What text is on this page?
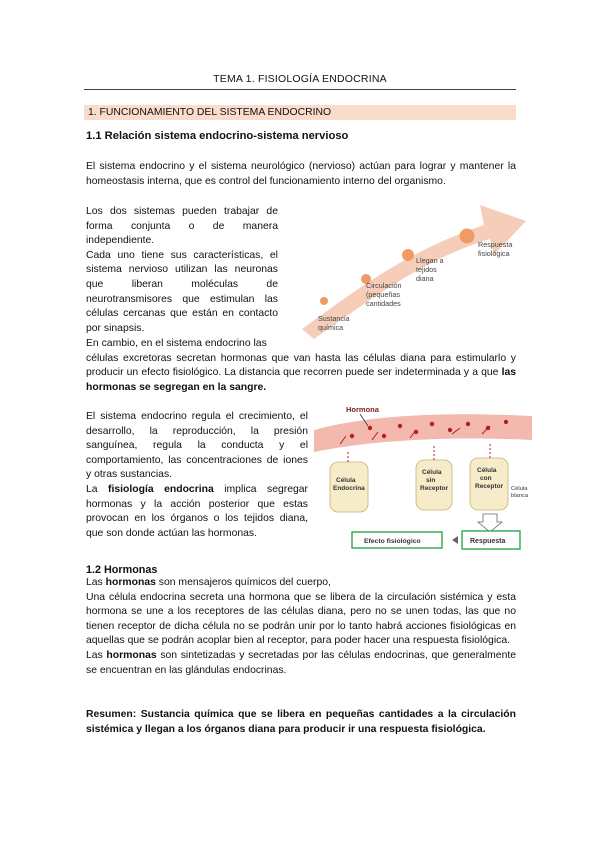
TEMA 1. FISIOLOGÍA ENDOCRINA
1. FUNCIONAMIENTO DEL SISTEMA ENDOCRINO
1.1 Relación sistema endocrino-sistema nervioso

El sistema endocrino y el sistema neurológico (nervioso) actúan para lograr y mantener la homeostasis interna, que es control del funcionamiento interno del organismo.

Los dos sistemas pueden trabajar de forma conjunta o de manera independiente.

Cada uno tiene sus características, el sistema nervioso utilizan las neuronas que liberan moléculas de neurotransmisores que estimulan las células cercanas que están en contacto por sinapsis.

En cambio, en el sistema endocrino las
células excretoras secretan hormonas que van hasta las células diana para estimularlo y producir un efecto fisiológico. La distancia que recorren puede ser indeterminada y a que las hormonas se segregan en la sangre.

Sustancia
química
Circulación
(pequeñas
cantidades
Llegan a
tejidos
diana
Respuesta
fisiológica

El sistema endocrino regula el crecimiento, el desarrollo, la reproducción, la presión sanguínea, regula la conducta y el comportamiento, las concentraciones de iones y otras sustancias.

La fisiología endocrina implica segregar hormonas y la acción posterior que estas provocan en los órganos o los tejidos diana, que son donde actúan las hormonas.

Hormona
Célula
Endocrina
Célula
sin
Receptor
Célula
con
Receptor Célula
blanca
Efecto fisiológico	Respuesta
1.2 Hormonas

Las hormonas son mensajeros químicos del cuerpo,

Una célula endocrina secreta una hormona que se libera de la circulación sistémica y esta hormona se une a los receptores de las células diana, pero no se unen todas, las que no tienen receptor de dicha célula no se podrán unir por lo tanto habrá acciones fisiológicas en aquellas que se podrán acoplar bien al receptor, para poder hacer una respuesta fisiológica.

Las hormonas son sintetizadas y secretadas por las células endocrinas, que generalmente se encuentran en las glándulas endocrinas.

Resumen: Sustancia química que se libera en pequeñas cantidades a la circulación sistémica y llegan a los órganos diana para producir ir una respuesta fisiológica.
